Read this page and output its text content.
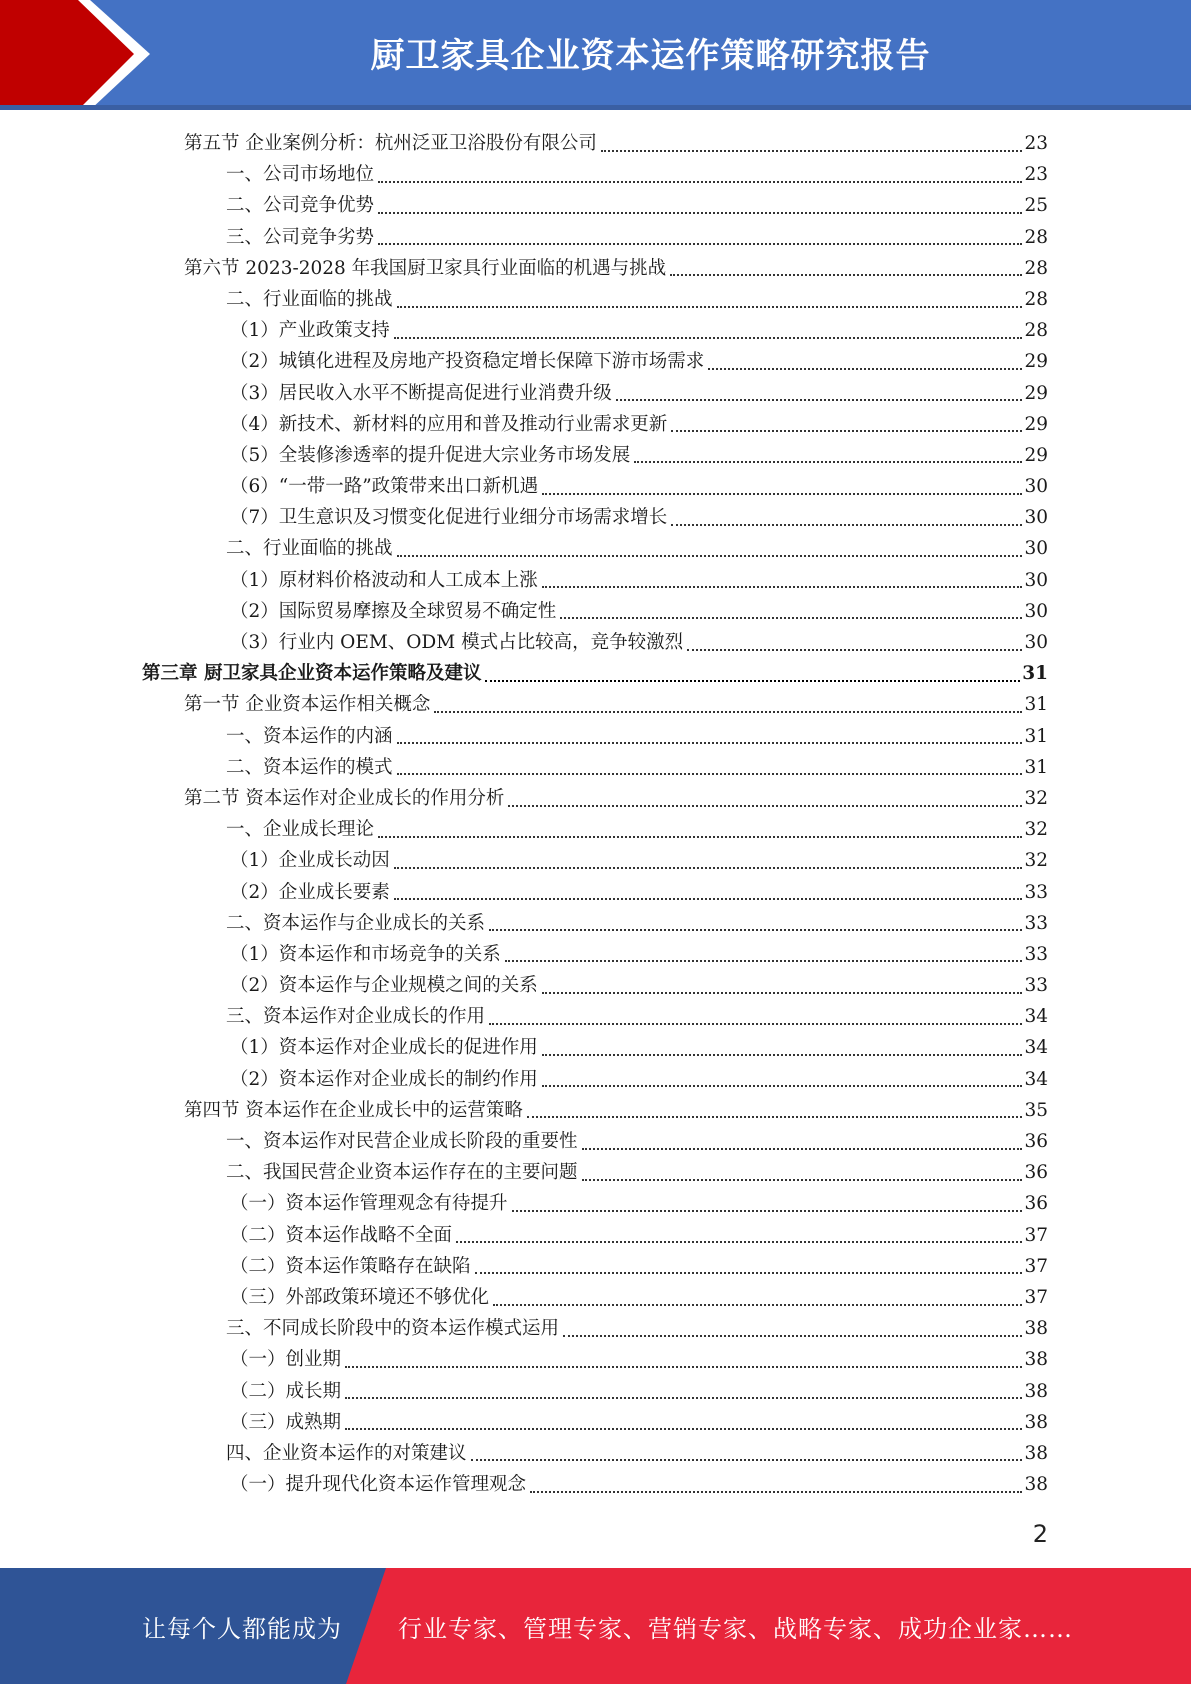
厨卫家具企业资本运作策略研究报告
第五节 企业案例分析：杭州泛亚卫浴股份有限公司	23
一、公司市场地位	23
二、公司竞争优势	25
三、公司竞争劣势	28
第六节 2023-2028 年我国厨卫家具行业面临的机遇与挑战	28
二、行业面临的挑战	28
（1）产业政策支持	28
（2）城镇化进程及房地产投资稳定增长保障下游市场需求	29
（3）居民收入水平不断提高促进行业消费升级	29
（4）新技术、新材料的应用和普及推动行业需求更新	29
（5）全装修渗透率的提升促进大宗业务市场发展	29
（6）“一带一路”政策带来出口新机遇	30
（7）卫生意识及习惯变化促进行业细分市场需求增长	30
二、行业面临的挑战	30
（1）原材料价格波动和人工成本上涨	30
（2）国际贸易摩擦及全球贸易不确定性	30
（3）行业内 OEM、ODM 模式占比较高，竞争较激烈	30
第三章 厨卫家具企业资本运作策略及建议	31
第一节 企业资本运作相关概念	31
一、资本运作的内涵	31
二、资本运作的模式	31
第二节 资本运作对企业成长的作用分析	32
一、企业成长理论	32
（1）企业成长动因	32
（2）企业成长要素	33
二、资本运作与企业成长的关系	33
（1）资本运作和市场竞争的关系	33
（2）资本运作与企业规模之间的关系	33
三、资本运作对企业成长的作用	34
（1）资本运作对企业成长的促进作用	34
（2）资本运作对企业成长的制约作用	34
第四节 资本运作在企业成长中的运营策略	35
一、资本运作对民营企业成长阶段的重要性	36
二、我国民营企业资本运作存在的主要问题	36
（一）资本运作管理观念有待提升	36
（二）资本运作战略不全面	37
（二）资本运作策略存在缺陷	37
（三）外部政策环境还不够优化	37
三、不同成长阶段中的资本运作模式运用	38
（一）创业期	38
（二）成长期	38
（三）成熟期	38
四、企业资本运作的对策建议	38
（一）提升现代化资本运作管理观念	38
2
让每个人都能成为 行业专家、管理专家、营销专家、战略专家、成功企业家……
